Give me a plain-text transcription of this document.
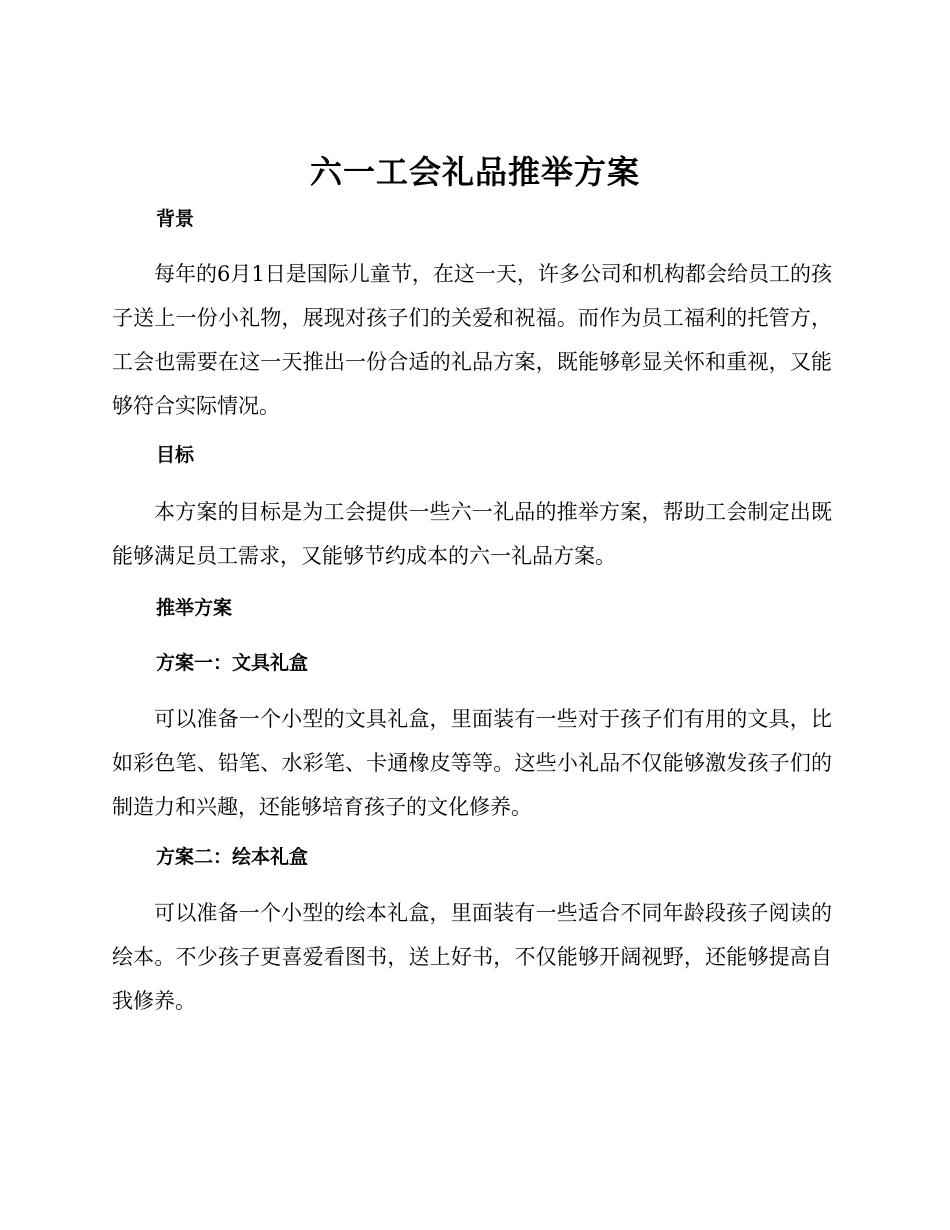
六一工会礼品推举方案
背景

每年的6月1日是国际儿童节，在这一天，许多公司和机构都会给员工的孩子送上一份小礼物，展现对孩子们的关爱和祝福。而作为员工福利的托管方，工会也需要在这一天推出一份合适的礼品方案，既能够彰显关怀和重视，又能够符合实际情况。

目标

本方案的目标是为工会提供一些六一礼品的推举方案，帮助工会制定出既能够满足员工需求，又能够节约成本的六一礼品方案。

推举方案
方案一：文具礼盒

可以准备一个小型的文具礼盒，里面装有一些对于孩子们有用的文具，比如彩色笔、铅笔、水彩笔、卡通橡皮等等。这些小礼品不仅能够激发孩子们的制造力和兴趣，还能够培育孩子的文化修养。

方案二：绘本礼盒

可以准备一个小型的绘本礼盒，里面装有一些适合不同年龄段孩子阅读的绘本。不少孩子更喜爱看图书，送上好书，不仅能够开阔视野，还能够提高自我修养。
